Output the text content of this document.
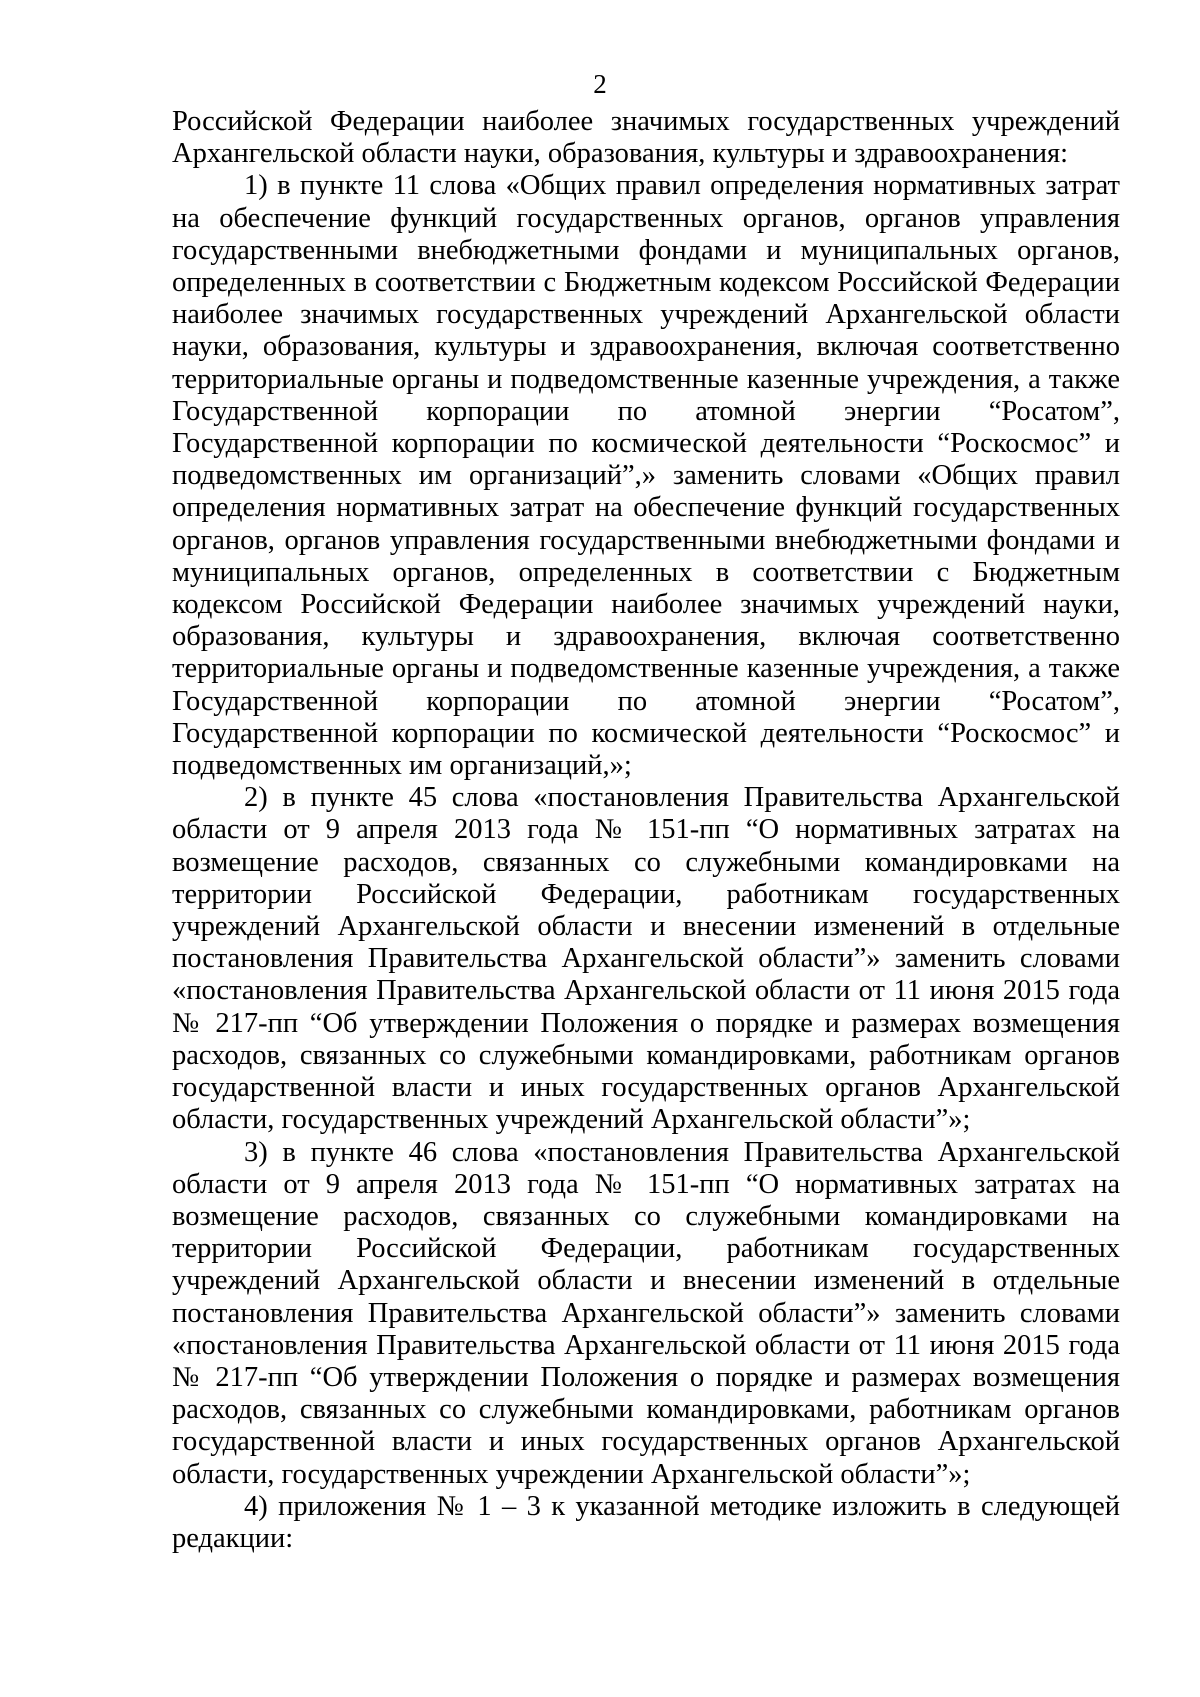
2

Российской Федерации наиболее значимых государственных учреждений Архангельской области науки, образования, культуры и здравоохранения:

1) в пункте 11 слова «Общих правил определения нормативных затрат на обеспечение функций государственных органов, органов управления государственными внебюджетными фондами и муниципальных органов, определенных в соответствии с Бюджетным кодексом Российской Федерации наиболее значимых государственных учреждений Архангельской области науки, образования, культуры и здравоохранения, включая соответственно территориальные органы и подведомственные казенные учреждения, а также Государственной корпорации по атомной энергии “Росатом”, Государственной корпорации по космической деятельности “Роскосмос” и подведомственных им организаций”,» заменить словами «Общих правил определения нормативных затрат на обеспечение функций государственных органов, органов управления государственными внебюджетными фондами и муниципальных органов, определенных в соответствии с Бюджетным кодексом Российской Федерации наиболее значимых учреждений науки, образования, культуры и здравоохранения, включая соответственно территориальные органы и подведомственные казенные учреждения, а также Государственной корпорации по атомной энергии “Росатом”, Государственной корпорации по космической деятельности “Роскосмос” и подведомственных им организаций,»;

2) в пункте 45 слова «постановления Правительства Архангельской области от 9 апреля 2013 года № 151-пп “О нормативных затратах на возмещение расходов, связанных со служебными командировками на территории Российской Федерации, работникам государственных учреждений Архангельской области и внесении изменений в отдельные постановления Правительства Архангельской области”» заменить словами «постановления Правительства Архангельской области от 11 июня 2015 года № 217-пп “Об утверждении Положения о порядке и размерах возмещения расходов, связанных со служебными командировками, работникам органов государственной власти и иных государственных органов Архангельской области, государственных учреждений Архангельской области”»;

3) в пункте 46 слова «постановления Правительства Архангельской области от 9 апреля 2013 года № 151-пп “О нормативных затратах на возмещение расходов, связанных со служебными командировками на территории Российской Федерации, работникам государственных учреждений Архангельской области и внесении изменений в отдельные постановления Правительства Архангельской области”» заменить словами «постановления Правительства Архангельской области от 11 июня 2015 года № 217-пп “Об утверждении Положения о порядке и размерах возмещения расходов, связанных со служебными командировками, работникам органов государственной власти и иных государственных органов Архангельской области, государственных учреждении Архангельской области”»;

4) приложения № 1 – 3 к указанной методике изложить в следующей редакции:
